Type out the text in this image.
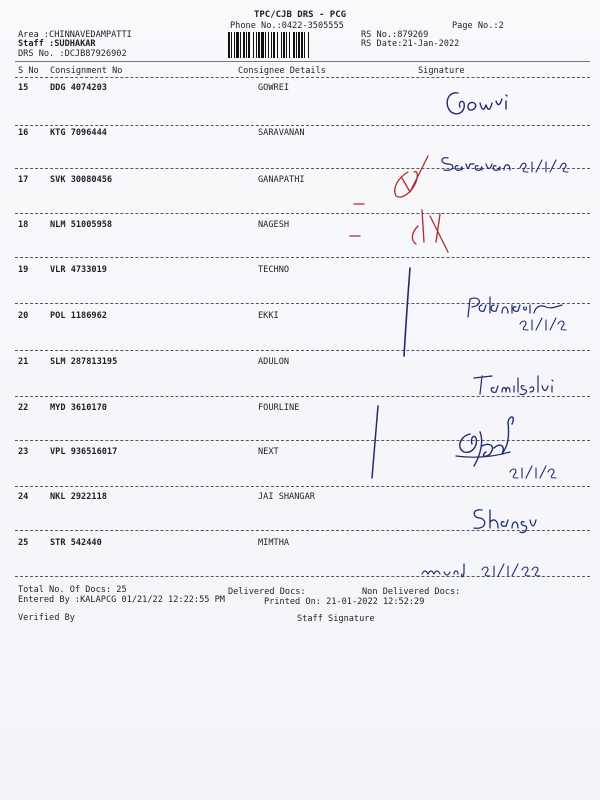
TPC/CJB DRS - PCG
Phone No.:0422-3505555	Page No.:2
Area :CHINNAVEDAMPATTI
Staff :SUDHAKAR
DRS No. :DCJB87926902
RS No.:879269
RS Date:21-Jan-2022
S No Consignment No	Consignee Details	Signature
15	DDG 4074203	GOWREI
16	KTG 7096444	SARAVANAN
17	SVK 30080456	GANAPATHI
18	NLM 51005958	NAGESH
19	VLR 4733019	TECHNO
20	POL 1186962	EKKI
21	SLM 287813195	ADULON
22	MYD 3610170	FOURLINE
23	VPL 936516017	NEXT
24	NKL 2922118	JAI SHANGAR
25	STR 542440	MIMTHA
Total No. Of Docs: 25	Delivered Docs:	Non Delivered Docs:
Entered By :KALAPCG 01/21/22 12:22:55 PM	Printed On: 21-01-2022 12:52:29
Verified By	Staff Signature
